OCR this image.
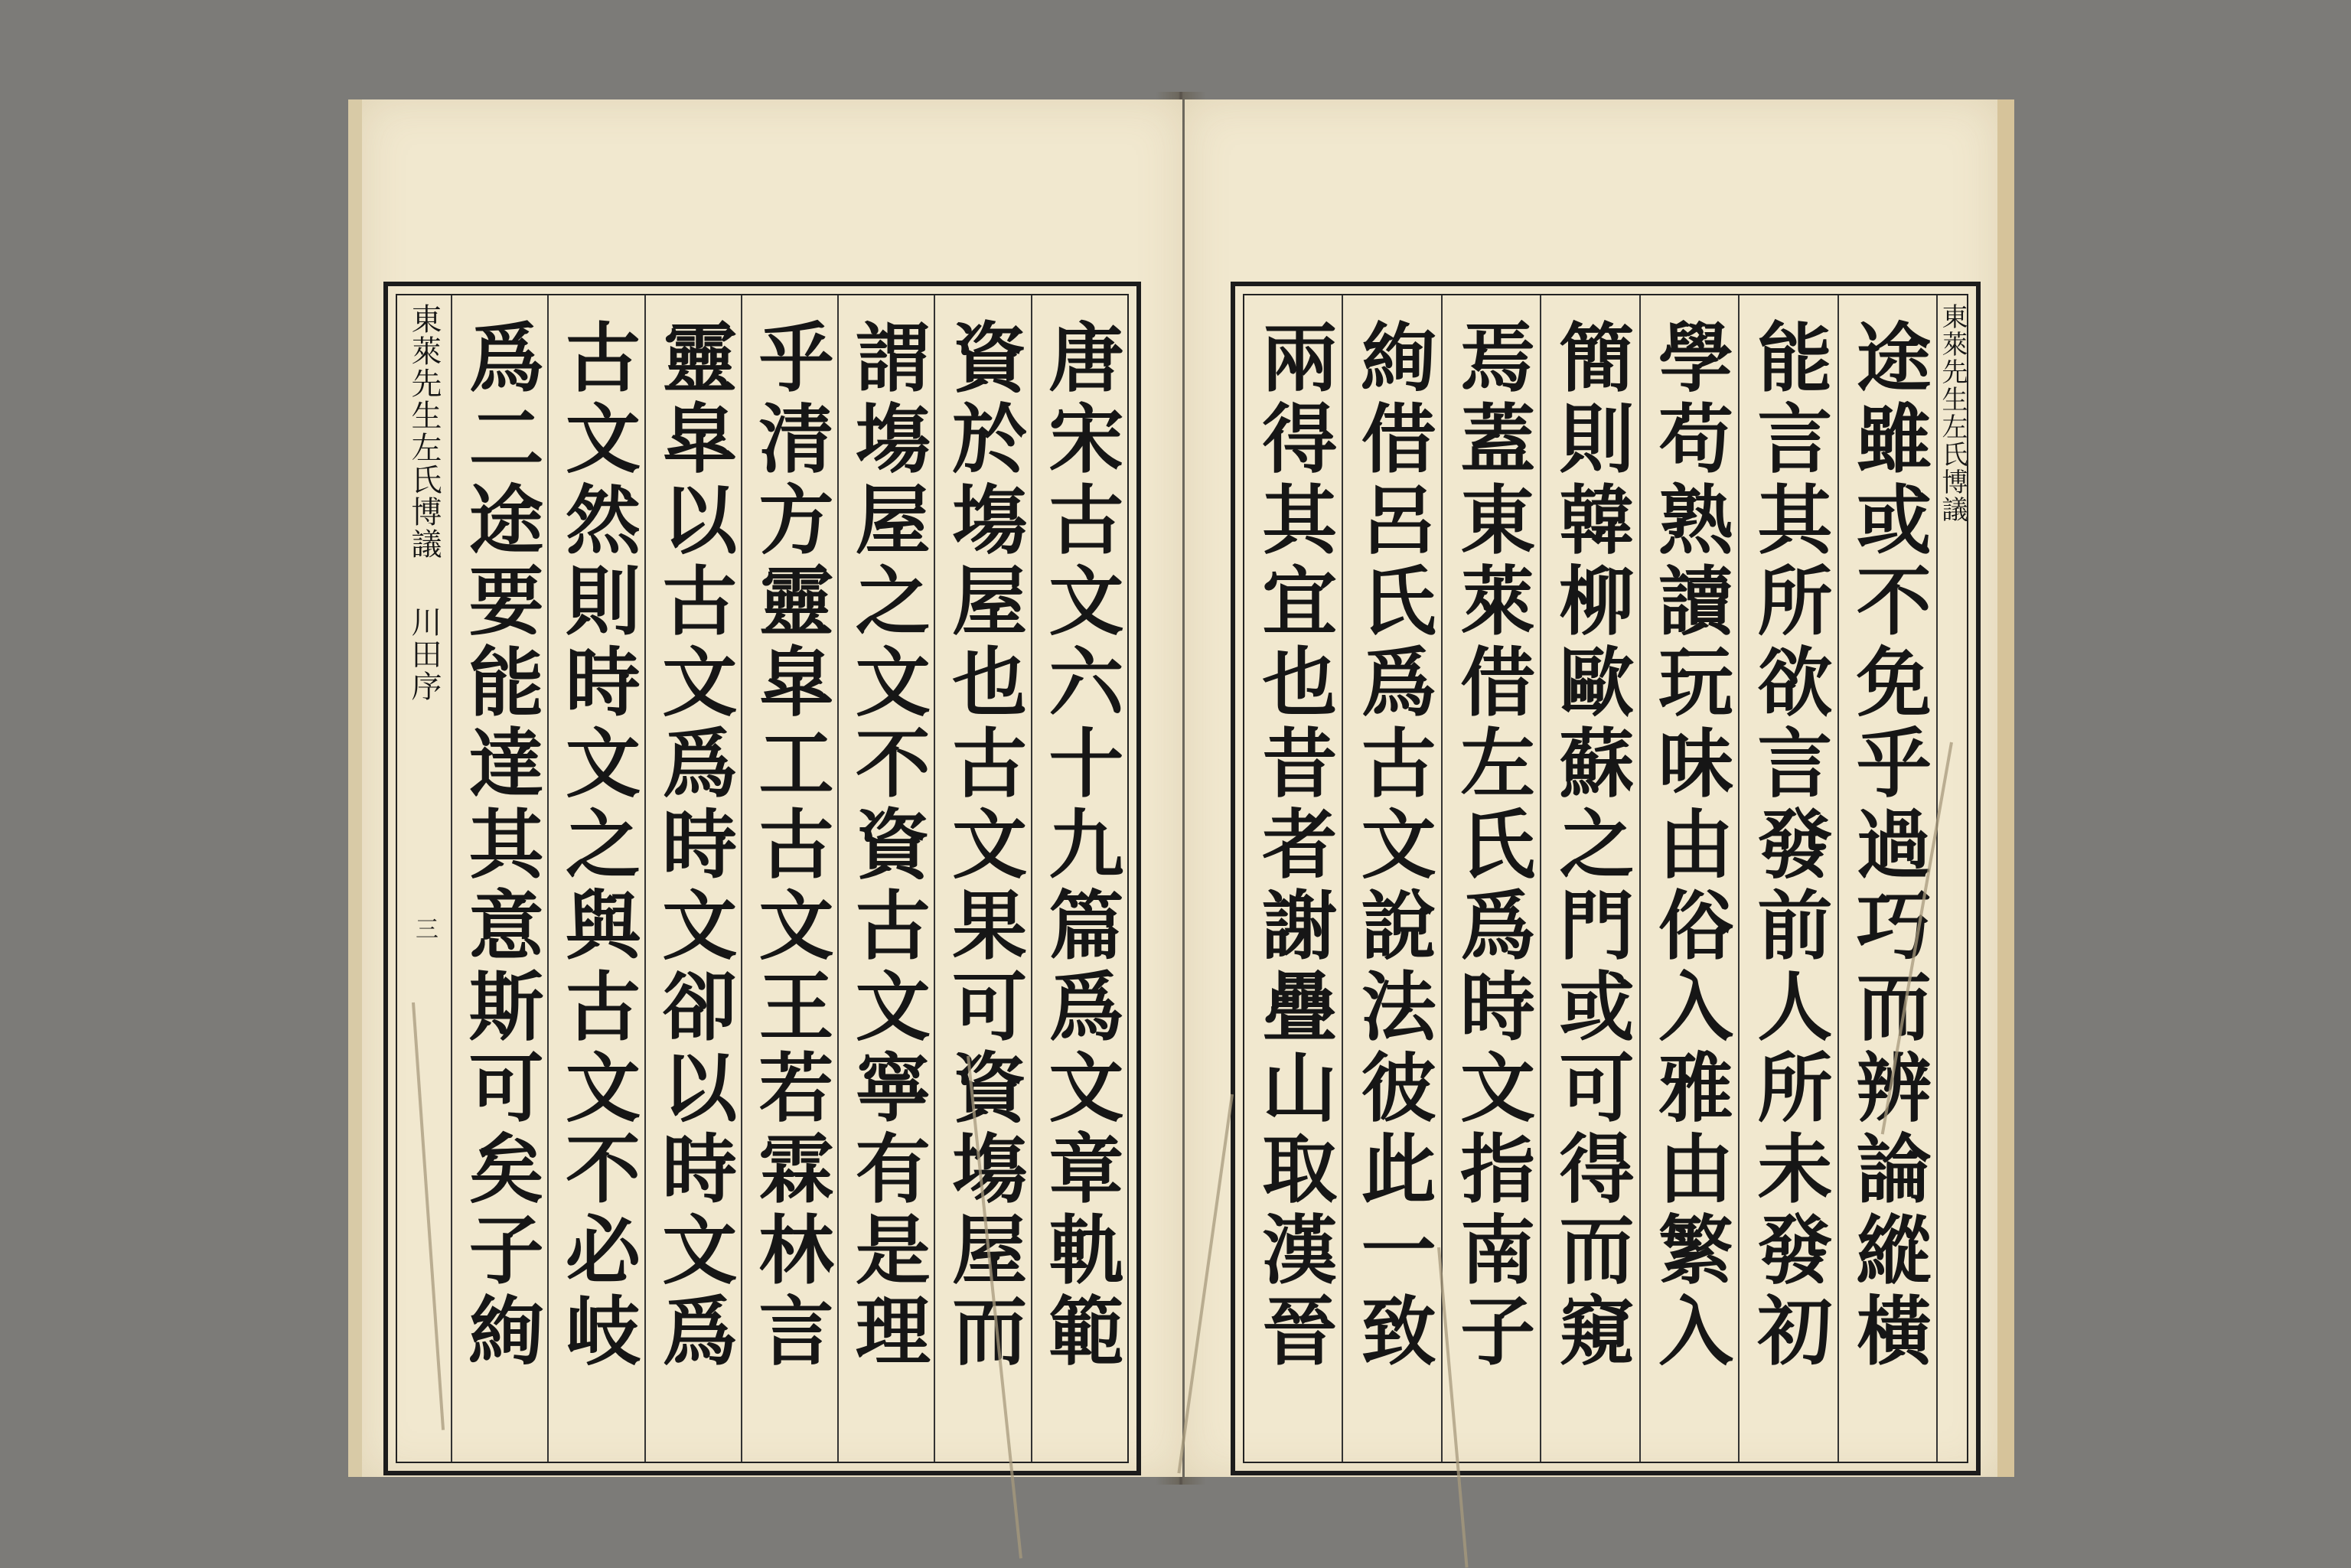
唐宋古文六十九篇爲文章軌範
資於塲屋也古文果可資塲屋而
謂塲屋之文不資古文寧有是理
乎清方靈皐工古文王若霖林言
靈皐以古文爲時文卻以時文爲
古文然則時文之與古文不必岐
爲二途要能達其意斯可矣子絢
東萊先生左氏博議
川田序
三
東萊先生左氏博議
途雖或不免乎過巧而辨論縱橫
能言其所欲言發前人所未發初
學苟熟讀玩味由俗入雅由繁入
簡則韓柳歐蘇之門或可得而窺
焉蓋東萊借左氏爲時文指南子
絢借呂氏爲古文說法彼此一致
兩得其宜也昔者謝疊山取漢晉
